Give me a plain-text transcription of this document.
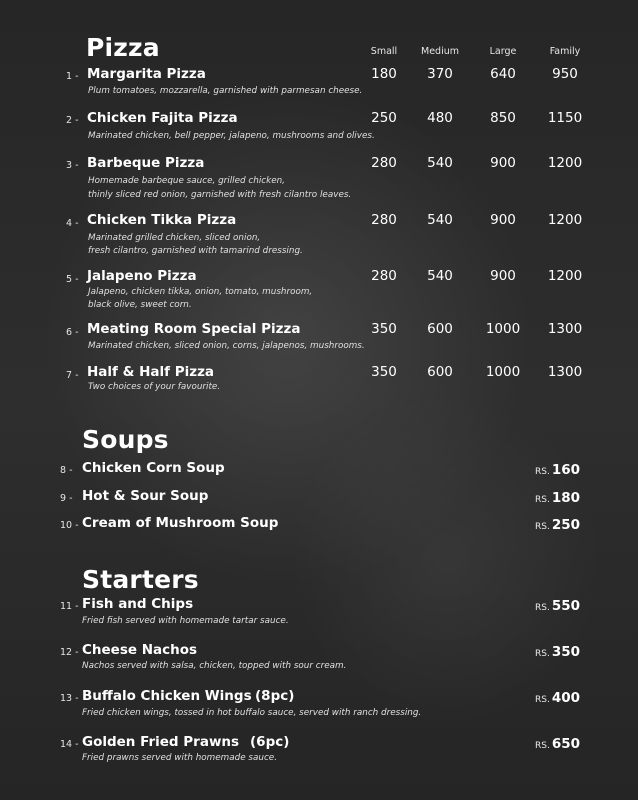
Pizza	Small	Medium	Large	Family
1 - Margarita Pizza
Plum tomatoes, mozzarella, garnished with parmesan cheese.
180	370	640	950
2 - Chicken Fajita Pizza
Marinated chicken, bell pepper, jalapeno, mushrooms and olives.
250	480	850	1150
3 - Barbeque Pizza
Homemade barbeque sauce, grilled chicken,
thinly sliced red onion, garnished with fresh cilantro leaves.
280	540	900	1200
4 - Chicken Tikka Pizza
Marinated grilled chicken, sliced onion,
fresh cilantro, garnished with tamarind dressing.
280	540	900	1200
5 - Jalapeno Pizza
Jalapeno, chicken tikka, onion, tomato, mushroom,
black olive, sweet corn.
280	540	900	1200
6 - Meating Room Special Pizza
Marinated chicken, sliced onion, corns, jalapenos, mushrooms.
350	600	1000	1300
7 - Half & Half Pizza
Two choices of your favourite.
350	600	1000	1300
Soups
8 - Chicken Corn Soup	RS. 160
9 - Hot & Sour Soup	RS. 180
10 - Cream of Mushroom Soup	RS. 250
Starters
11 - Fish and Chips
Fried fish served with homemade tartar sauce.
RS. 550
12 - Cheese Nachos
Nachos served with salsa, chicken, topped with sour cream.
RS. 350
13 - Buffalo Chicken Wings (8pc)
Fried chicken wings, tossed in hot buffalo sauce, served with ranch dressing.
RS. 400
14 - Golden Fried Prawns (6pc)
Fried prawns served with homemade sauce.
RS. 650
